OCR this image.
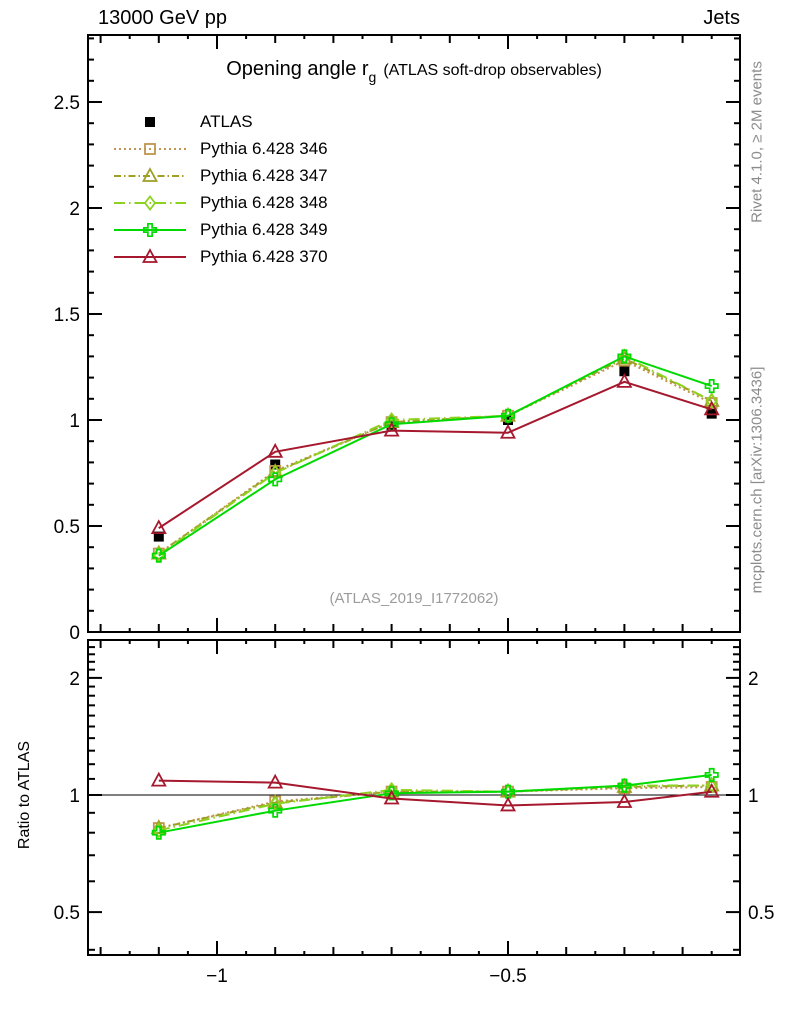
0
0.5
1
1.5
2
2.5
0.5	0.5
1	1
2	2
−1	−0.5
13000 GeV pp	Jets
Opening angle $r_g$ (ATLAS soft-drop observables)
ATLAS
Pythia 6.428 346
Pythia 6.428 347
Pythia 6.428 348
Pythia 6.428 349
Pythia 6.428 370
(ATLAS_2019_I1772062)
Rivet 4.1.0, ≥ 2M events
mcplots.cern.ch [arXiv:1306.3436]
Ratio to ATLAS
